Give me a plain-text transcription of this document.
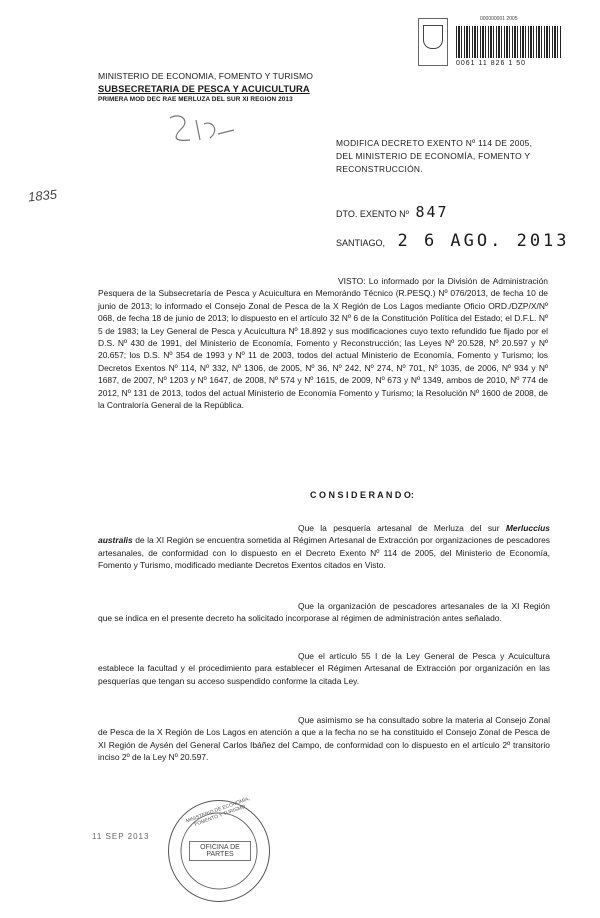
000000001 2005
0061 11 826 1 50
MINISTERIO DE ECONOMIA, FOMENTO Y TURISMO
SUBSECRETARIA DE PESCA Y ACUICULTURA
PRIMERA MOD DEC RAE MERLUZA DEL SUR XI REGION 2013
MODIFICA DECRETO EXENTO Nº 114 DE 2005,
DEL MINISTERIO DE ECONOMÍA, FOMENTO Y
RECONSTRUCCIÓN.
1835
DTO. EXENTO Nº 847
SANTIAGO, 2 6 AGO. 2013
VISTO: Lo informado por la División de Administración Pesquera de la Subsecretaría de Pesca y Acuicultura en Memorándo Técnico (R.PESQ.) Nº 076/2013, de fecha 10 de junio de 2013; lo informado el Consejo Zonal de Pesca de la X Región de Los Lagos mediante Oficio ORD./DZP/X/Nº 068, de fecha 18 de junio de 2013; lo dispuesto en el artículo 32 Nº 6 de la Constitución Política del Estado; el D.F.L. Nº 5 de 1983; la Ley General de Pesca y Acuicultura Nº 18.892 y sus modificaciones cuyo texto refundido fue fijado por el D.S. Nº 430 de 1991, del Ministerio de Economía, Fomento y Reconstrucción; las Leyes Nº 20.528, Nº 20.597 y Nº 20.657; los D.S. Nº 354 de 1993 y Nº 11 de 2003, todos del actual Ministerio de Economía, Fomento y Turismo; los Decretos Exentos Nº 114, Nº 332, Nº 1306, de 2005, Nº 36, Nº 242, Nº 274, Nº 701, Nº 1035, de 2006, Nº 934 y Nº 1687, de 2007, Nº 1203 y Nº 1647, de 2008, Nº 574 y Nº 1615, de 2009, Nº 673 y Nº 1349, ambos de 2010, Nº 774 de 2012, Nº 131 de 2013, todos del actual Ministerio de Economía Fomento y Turismo; la Resolución Nº 1600 de 2008, de la Contraloría General de la República.
C O N S I D E R A N D O:
Que la pesquería artesanal de Merluza del sur Merluccius australis de la XI Región se encuentra sometida al Régimen Artesanal de Extracción por organizaciones de pescadores artesanales, de conformidad con lo dispuesto en el Decreto Exento Nº 114 de 2005, del Ministerio de Economía, Fomento y Turismo, modificado mediante Decretos Exentos citados en Visto.
Que la organización de pescadores artesanales de la XI Región que se indica en el presente decreto ha solicitado incorporase al régimen de administración antes señalado.
Que el artículo 55 I de la Ley General de Pesca y Acuicultura establece la facultad y el procedimiento para establecer el Régimen Artesanal de Extracción por organización en las pesquerías que tengan su acceso suspendido conforme la citada Ley.
Que asimismo se ha consultado sobre la materia al Consejo Zonal de Pesca de la X Región de Los Lagos en atención a que a la fecha no se ha constituido el Consejo Zonal de Pesca de XI Región de Aysén del General Carlos Ibáñez del Campo, de conformidad con lo dispuesto en el artículo 2º transitorio inciso 2º de la Ley Nº 20.597.
MINISTERIO DE ECONOMÍA, FOMENTO Y TURISMO
OFICINA DE PARTES
11 SEP 2013
